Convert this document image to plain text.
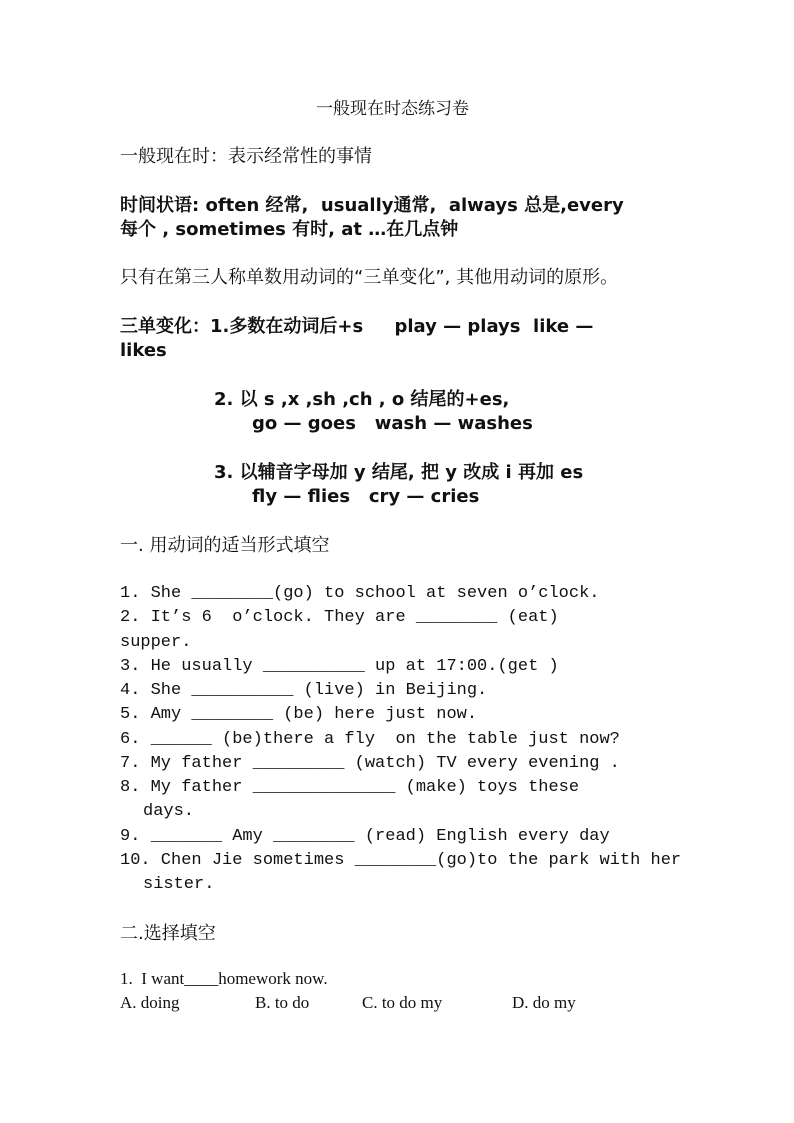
一般现在时态练习卷
一般现在时：表示经常性的事情
时间状语: often 经常,  usually通常,  always 总是,every
每个 , sometimes 有时, at …在几点钟
只有在第三人称单数用动词的“三单变化”, 其他用动词的原形。
三单变化：1.多数在动词后+s     play — plays  like —
likes
2. 以 s ,x ,sh ,ch , o 结尾的+es,
go — goes   wash — washes
3. 以辅音字母加 y 结尾, 把 y 改成 i 再加 es
fly — flies   cry — cries
一. 用动词的适当形式填空
1. She ________(go) to school at seven o’clock.
2. It’s 6  o’clock. They are ________ (eat)
supper.
3. He usually __________ up at 17:00.(get )
4. She __________ (live) in Beijing.
5. Amy ________ (be) here just now.
6. ______ (be)there a fly  on the table just now?
7. My father _________ (watch) TV every evening .
8. My father ______________ (make) toys these
days.
9. _______ Amy ________ (read) English every day
10. Chen Jie sometimes ________(go)to the park with her
sister.
二.选择填空
1.  I want____homework now.
A. doing	B. to do	C. to do my	D. do my
